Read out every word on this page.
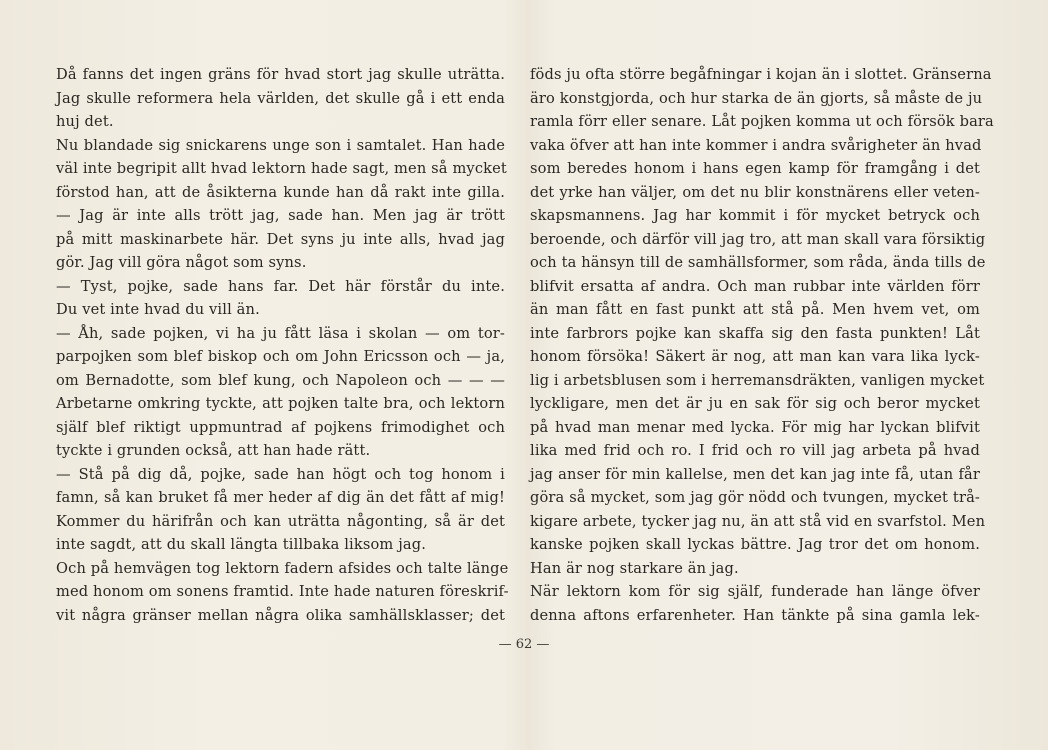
Då fanns det ingen gräns för hvad stort jag skulle uträtta.
Jag skulle reformera hela världen, det skulle gå i ett enda
huj det.
Nu blandade sig snickarens unge son i samtalet. Han hade
väl inte begripit allt hvad lektorn hade sagt, men så mycket
förstod han, att de åsikterna kunde han då rakt inte gilla.
— Jag är inte alls trött jag, sade han. Men jag är trött
på mitt maskinarbete här. Det syns ju inte alls, hvad jag
gör. Jag vill göra något som syns.
— Tyst, pojke, sade hans far. Det här förstår du inte.
Du vet inte hvad du vill än.
— Åh, sade pojken, vi ha ju fått läsa i skolan — om tor-
parpojken som blef biskop och om John Ericsson och — ja,
om Bernadotte, som blef kung, och Napoleon och — — —
Arbetarne omkring tyckte, att pojken talte bra, och lektorn
själf blef riktigt uppmuntrad af pojkens frimodighet och
tyckte i grunden också, att han hade rätt.
— Stå på dig då, pojke, sade han högt och tog honom i
famn, så kan bruket få mer heder af dig än det fått af mig!
Kommer du härifrån och kan uträtta någonting, så är det
inte sagdt, att du skall längta tillbaka liksom jag.
Och på hemvägen tog lektorn fadern afsides och talte länge
med honom om sonens framtid. Inte hade naturen föreskrif-
vit några gränser mellan några olika samhällsklasser; det
föds ju ofta större begåfningar i kojan än i slottet. Gränserna
äro konstgjorda, och hur starka de än gjorts, så måste de ju
ramla förr eller senare. Låt pojken komma ut och försök bara
vaka öfver att han inte kommer i andra svårigheter än hvad
som beredes honom i hans egen kamp för framgång i det
det yrke han väljer, om det nu blir konstnärens eller veten-
skapsmannens. Jag har kommit i för mycket betryck och
beroende, och därför vill jag tro, att man skall vara försiktig
och ta hänsyn till de samhällsformer, som råda, ända tills de
blifvit ersatta af andra. Och man rubbar inte världen förr
än man fått en fast punkt att stå på. Men hvem vet, om
inte farbrors pojke kan skaffa sig den fasta punkten! Låt
honom försöka! Säkert är nog, att man kan vara lika lyck-
lig i arbetsblusen som i herremansdräkten, vanligen mycket
lyckligare, men det är ju en sak för sig och beror mycket
på hvad man menar med lycka. För mig har lyckan blifvit
lika med frid och ro. I frid och ro vill jag arbeta på hvad
jag anser för min kallelse, men det kan jag inte få, utan får
göra så mycket, som jag gör nödd och tvungen, mycket trå-
kigare arbete, tycker jag nu, än att stå vid en svarfstol. Men
kanske pojken skall lyckas bättre. Jag tror det om honom.
Han är nog starkare än jag.
När lektorn kom för sig själf, funderade han länge öfver
denna aftons erfarenheter. Han tänkte på sina gamla lek-
— 62 —
